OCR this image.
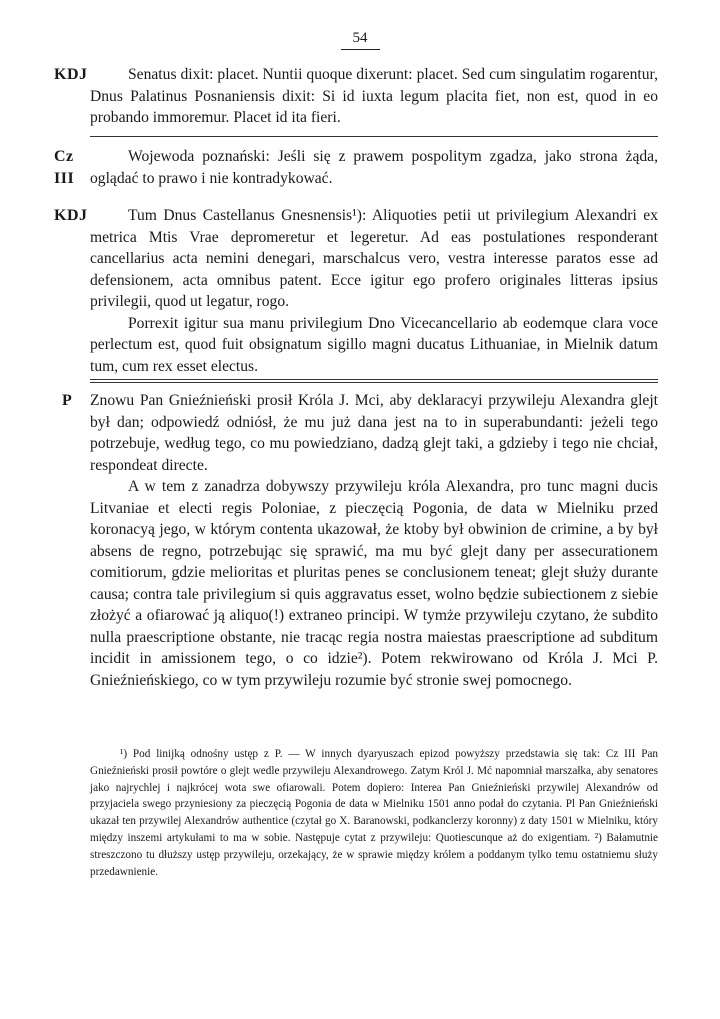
54
KDJ	Senatus dixit: placet. Nuntii quoque dixerunt: placet. Sed cum singulatim rogarentur, Dnus Palatinus Posnaniensis dixit: Si id iuxta legum placita fiet, non est, quod in eo probando immoremur. Placet id ita fieri.

Cz
III

Wojewoda poznański: Jeśli się z prawem pospolitym zgadza, jako strona żąda, oglądać to prawo i nie kontradykować.

KDJ	Tum Dnus Castellanus Gnesnensis¹): Aliquoties petii ut privilegium Alexandri ex metrica Mtis Vrae depromeretur et legeretur. Ad eas postulationes responderant cancellarius acta nemini denegari, marschalcus vero, vestra interesse paratos esse ad defensionem, acta omnibus patent. Ecce igitur ego profero originales litteras ipsius privilegii, quod ut legatur, rogo.

Porrexit igitur sua manu privilegium Dno Vicecancellario ab eodemque clara voce perlectum est, quod fuit obsignatum sigillo magni ducatus Lithuaniae, in Mielnik datum tum, cum rex esset electus.

P Znowu Pan Gnieźnieński prosił Króla J. Mci, aby deklaracyi przywileju Alexandra glejt był dan; odpowiedź odniósł, że mu już dana jest na to in superabundanti: jeżeli tego potrzebuje, według tego, co mu powiedziano, dadzą glejt taki, a gdzieby i tego nie chciał, respondeat directe.

A w tem z zanadrza dobywszy przywileju króla Alexandra, pro tunc magni ducis Litvaniae et electi regis Poloniae, z pieczęcią Pogonia, de data w Mielniku przed koronacyą jego, w którym contenta ukazował, że ktoby był obwinion de crimine, a by był absens de regno, potrzebując się sprawić, ma mu być glejt dany per assecurationem comitiorum, gdzie melioritas et pluritas penes se conclusionem teneat; glejt służy durante causa; contra tale privilegium si quis aggravatus esset, wolno będzie subiectionem z siebie złożyć a ofiarować ją aliquo(!) extraneo principi. W tymże przywileju czytano, że subdito nulla praescriptione obstante, nie tracąc regia nostra maiestas praescriptione ad subditum incidit in amissionem tego, o co idzie²). Potem rekwirowano od Króla J. Mci P. Gnieźnieńskiego, co w tym przywileju rozumie być stronie swej pomocnego.

¹) Pod linijką odnośny ustęp z P. — W innych dyaryuszach epizod powyższy przedstawia się tak: Cz III Pan Gnieźnieński prosił powtóre o glejt wedle przywileju Alexandrowego. Zatym Król J. Mć napomniał marszałka, aby senatores jako najrychlej i najkrócej wota swe ofiarowali. Potem dopiero: Interea Pan Gnieźnieński przywilej Alexandrów od przyjaciela swego przyniesiony za pieczęcią Pogonia de data w Mielniku 1501 anno podał do czytania. Pl Pan Gnieźnieński ukazał ten przywilej Alexandrów authentice (czytał go X. Baranowski, podkanclerzy koronny) z daty 1501 w Mielniku, który między inszemi artykułami to ma w sobie. Następuje cytat z przywileju: Quotiescunque aż do exigentiam. ²) Bałamutnie streszczono tu dłuższy ustęp przywileju, orzekający, że w sprawie między królem a poddanym tylko temu ostatniemu służy przedawnienie.
